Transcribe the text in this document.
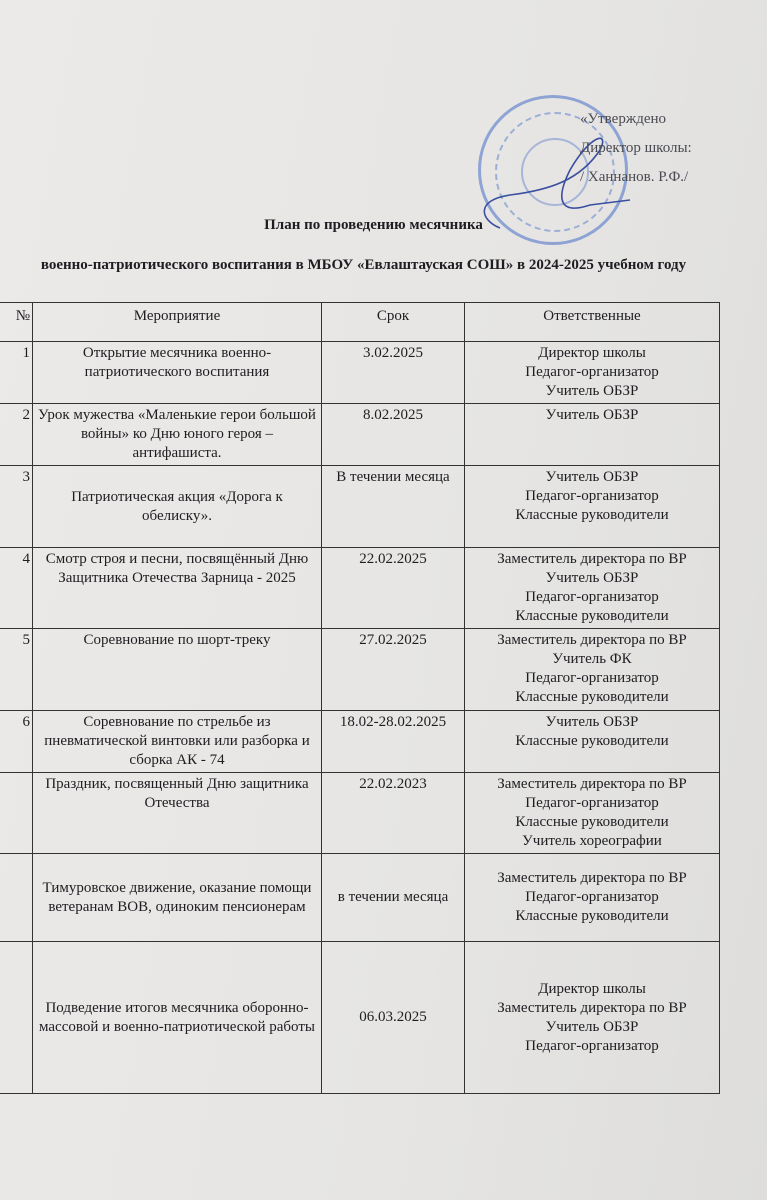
«Утверждено
Директор школы:
/ Ханнанов. Р.Ф./
План по проведению месячника
военно-патриотического воспитания в МБОУ «Евлаштауская СОШ» в 2024-2025 учебном году
№	Мероприятие	Срок	Ответственные
1	Открытие месячника военно-патриотического воспитания	3.02.2025	Директор школы
Педагог-организатор
Учитель ОБЗР

2	Урок мужества «Маленькие герои большой войны» ко Дню юного героя – антифашиста.	8.02.2025	Учитель ОБЗР

3	Патриотическая акция «Дорога к обелиску».	В течении месяца	Учитель ОБЗР
Педагог-организатор
Классные руководители

4	Смотр строя и песни, посвящённый Дню Защитника Отечества Зарница - 2025	22.02.2025	Заместитель директора по ВР
Учитель ОБЗР
Педагог-организатор
Классные руководители

5	Соревнование по шорт-треку	27.02.2025	Заместитель директора по ВР
Учитель ФК
Педагог-организатор
Классные руководители

6	Соревнование по стрельбе из пневматической винтовки или разборка и сборка АК - 74	18.02-28.02.2025	Учитель ОБЗР
Классные руководители

	Праздник, посвященный Дню защитника Отечества	22.02.2023	Заместитель директора по ВР
Педагог-организатор
Классные руководители
Учитель хореографии

	Тимуровское движение, оказание помощи ветеранам ВОВ, одиноким пенсионерам	в течении месяца	Заместитель директора по ВР
Педагог-организатор
Классные руководители

	Подведение итогов месячника оборонно-массовой и военно-патриотической работы	06.03.2025	Директор школы
Заместитель директора по ВР
Учитель ОБЗР
Педагог-организатор
